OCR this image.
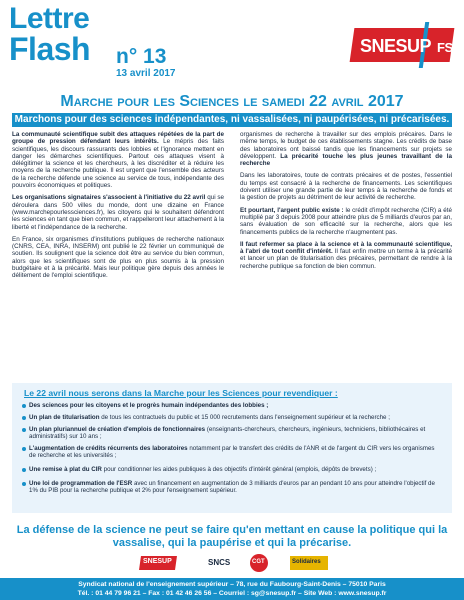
Lettre
Flash n° 13
13 avril 2017
SNESUP FSU
Marche pour les Sciences le samedi 22 avril 2017
Marchons pour des sciences indépendantes, ni vassalisées, ni paupérisées, ni précarisées.

La communauté scientifique subit des attaques répétées de la part de groupe de pression défendant leurs intérêts. Le mépris des faits scientifiques, les discours rassurants des lobbies et l'ignorance mettent en danger les démarches scientifiques. Partout ces attaques visent à délégitimer la science et les chercheurs, à les discréditer et à réduire les moyens de la recherche publique. Il est urgent que l'ensemble des acteurs de la recherche défende une science au service de tous, indépendante des pouvoirs économiques et politiques.

Les organisations signataires s'associent à l'initiative du 22 avril qui se déroulera dans 500 villes du monde, dont une dizaine en France (www.marchepourlessciences.fr), les citoyens qui le souhaitent défendront les sciences en tant que bien commun, et rappelleront leur attachement à la liberté et l'indépendance de la recherche.

En France, six organismes d'institutions publiques de recherche nationaux (CNRS, CEA, INRA, INSERM) ont publié le 22 février un communiqué de soutien. Ils soulignent que la science doit être au service du bien commun, alors que les scientifiques sont de plus en plus soumis à la pression budgétaire et à la précarité. Mais leur politique gère depuis des années le délitement de l'emploi scientifique.

organismes de recherche à travailler sur des emplois précaires. Dans le même temps, le budget de ces établissements stagne. Les crédits de base des laboratoires ont baissé tandis que les financements sur projets se développent. La précarité touche les plus jeunes travaillant de la recherche

Dans les laboratoires, toute de contrats précaires et de postes, l'essentiel du temps est consacré à la recherche de financements. Les scientifiques doivent utiliser une grande partie de leur temps à la recherche de fonds et la gestion de projets au détriment de leur activité de recherche.

Et pourtant, l'argent public existe : le crédit d'impôt recherche (CIR) a été multiplié par 3 depuis 2008 pour atteindre plus de 5 milliards d'euros par an, sans évaluation de son efficacité sur la recherche, alors que les financements publics de la recherche n'augmentent pas.

Il faut refermer sa place à la science et à la communauté scientifique, à l'abri de tout conflit d'intérêt. Il faut enfin mettre un terme à la précarité et lancer un plan de titularisation des précaires, permettant de rendre à la recherche publique sa fonction de bien commun.

Le 22 avril nous serons dans la Marche pour les Sciences pour revendiquer :
Des sciences pour les citoyens et le progrès humain indépendantes des lobbies ;
Un plan de titularisation de tous les contractuels du public et 15 000 recrutements dans l'enseignement supérieur et la recherche ;
Un plan pluriannuel de création d'emplois de fonctionnaires (enseignants-chercheurs, chercheurs, ingénieurs, techniciens, bibliothécaires et administratifs) sur 10 ans ;
L'augmentation de crédits récurrents des laboratoires notamment par le transfert des crédits de l'ANR et de l'argent du CIR vers les organismes de recherche et les universités ;
Une remise à plat du CIR pour conditionner les aides publiques à des objectifs d'intérêt général (emplois, dépôts de brevets) ;
Une loi de programmation de l'ESR avec un financement en augmentation de 3 milliards d'euros par an pendant 10 ans pour atteindre l'objectif de 1% du PIB pour la recherche publique et 2% pour l'enseignement supérieur.
La défense de la science ne peut se faire qu'en mettant en cause la politique qui la vassalise, qui la paupérise et qui la précarise.
SNESUP	SNCS	CGT	Solidaires
Syndicat national de l'enseignement supérieur – 78, rue du Faubourg-Saint-Denis – 75010 Paris
Tél. : 01 44 79 96 21 – Fax : 01 42 46 26 56 – Courriel : sg@snesup.fr – Site Web : www.snesup.fr
